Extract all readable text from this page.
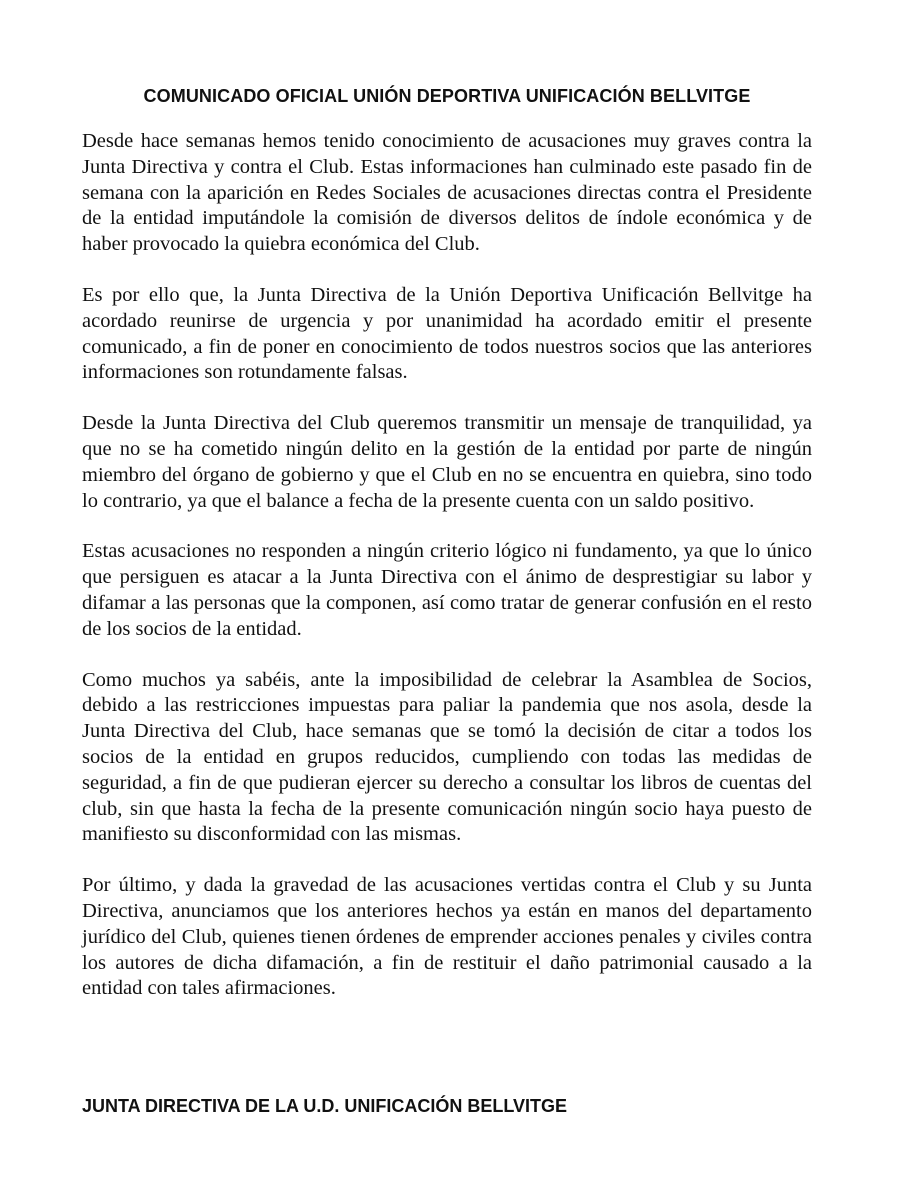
COMUNICADO OFICIAL UNIÓN DEPORTIVA UNIFICACIÓN BELLVITGE

Desde hace semanas hemos tenido conocimiento de acusaciones muy graves contra la Junta Directiva y contra el Club. Estas informaciones han culminado este pasado fin de semana con la aparición en Redes Sociales de acusaciones directas contra el Presidente de la entidad imputándole la comisión de diversos delitos de índole económica y de haber provocado la quiebra económica del Club.

Es por ello que, la Junta Directiva de la Unión Deportiva Unificación Bellvitge ha acordado reunirse de urgencia y por unanimidad ha acordado emitir el presente comunicado, a fin de poner en conocimiento de todos nuestros socios que las anteriores informaciones son rotundamente falsas.

Desde la Junta Directiva del Club queremos transmitir un mensaje de tranquilidad, ya que no se ha cometido ningún delito en la gestión de la entidad por parte de ningún miembro del órgano de gobierno y que el Club en no se encuentra en quiebra, sino todo lo contrario, ya que el balance a fecha de la presente cuenta con un saldo positivo.

Estas acusaciones no responden a ningún criterio lógico ni fundamento, ya que lo único que persiguen es atacar a la Junta Directiva con el ánimo de desprestigiar su labor y difamar a las personas que la componen, así como tratar de generar confusión en el resto de los socios de la entidad.

Como muchos ya sabéis, ante la imposibilidad de celebrar la Asamblea de Socios, debido a las restricciones impuestas para paliar la pandemia que nos asola, desde la Junta Directiva del Club, hace semanas que se tomó la decisión de citar a todos los socios de la entidad en grupos reducidos, cumpliendo con todas las medidas de seguridad, a fin de que pudieran ejercer su derecho a consultar los libros de cuentas del club, sin que hasta la fecha de la presente comunicación ningún socio haya puesto de manifiesto su disconformidad con las mismas.

Por último, y dada la gravedad de las acusaciones vertidas contra el Club y su Junta Directiva, anunciamos que los anteriores hechos ya están en manos del departamento jurídico del Club, quienes tienen órdenes de emprender acciones penales y civiles contra los autores de dicha difamación, a fin de restituir el daño patrimonial causado a la entidad con tales afirmaciones.

JUNTA DIRECTIVA DE LA U.D. UNIFICACIÓN BELLVITGE
